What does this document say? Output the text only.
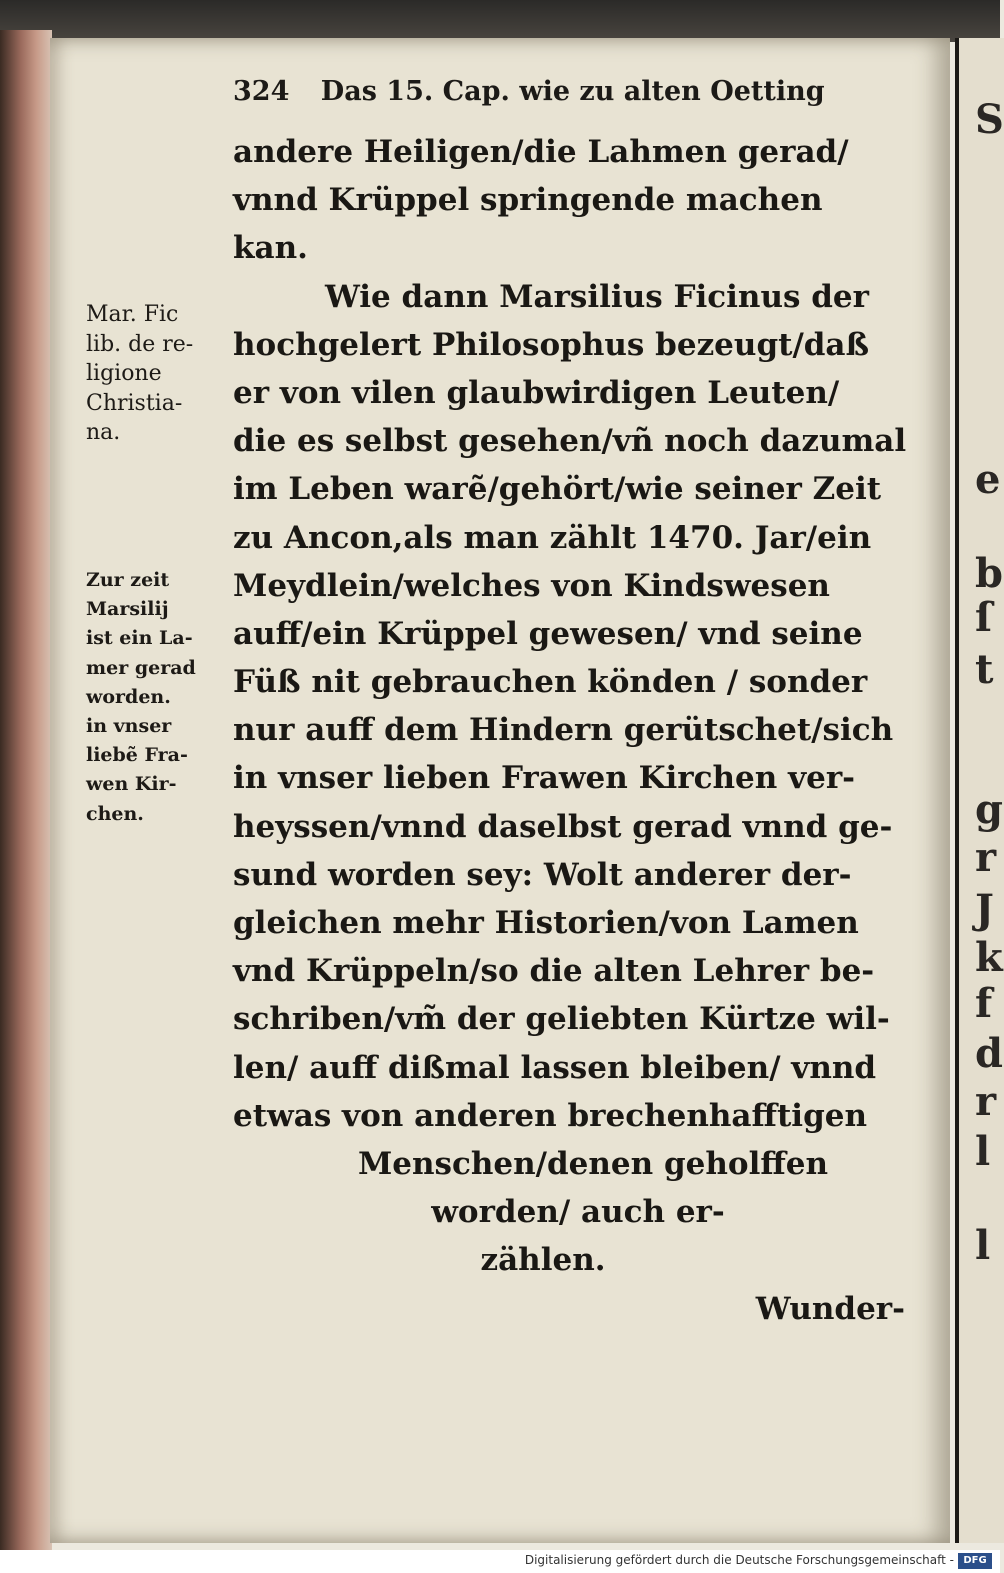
S
e
b
ſ
t
g
r
J
k
f
d
r
l
l
324 Das 15. Cap. wie zu alten Oetting
Mar. Fic
lib. de re-
ligione
Christia-
na.
Zur zeit
Marsilij
ist ein La-
mer gerad
worden.
in vnser
liebẽ Fra-
wen Kir-
chen.
andere Heiligen/die Lahmen gerad/
vnnd Krüppel springende machen
kan.
Wie dann Marsilius Ficinus der
hochgelert Philosophus bezeugt/daß
er von vilen glaubwirdigen Leuten/
die es selbst gesehen/vñ noch dazumal
im Leben warẽ/gehört/wie seiner Zeit
zu Ancon,als man zählt 1470. Jar/ein
Meydlein/welches von Kindswesen
auff/ein Krüppel gewesen/ vnd seine
Füß nit gebrauchen könden / sonder
nur auff dem Hindern gerütschet/sich
in vnser lieben Frawen Kirchen ver-
heyssen/vnnd daselbst gerad vnnd ge-
sund worden sey: Wolt anderer der-
gleichen mehr Historien/von Lamen
vnd Krüppeln/so die alten Lehrer be-
schriben/vm̃ der geliebten Kürtze wil-
len/ auff dißmal lassen bleiben/ vnnd
etwas von anderen brechenhafftigen
Menschen/denen geholffen
worden/ auch er-
zählen.
Wunder-
Digitalisierung gefördert durch die Deutsche Forschungsgemeinschaft - DFG
